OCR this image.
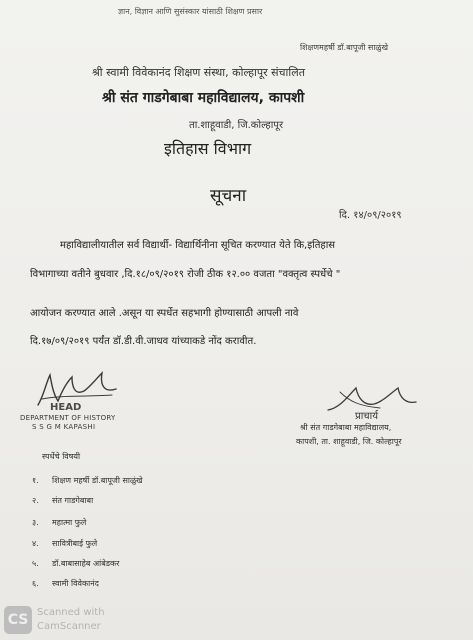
ज्ञान, विज्ञान आणि सुसंस्कार यांसाठी शिक्षण प्रसार
शिक्षणमहर्षी डॉ.बापूजी साळुंखे
श्री स्वामी विवेकानंद शिक्षण संस्था, कोल्हापूर संचालित
श्री संत गाडगेबाबा महाविद्यालय, कापशी
ता.शाहूवाडी, जि.कोल्हापूर
इतिहास विभाग
सूचना
दि. १४/०९/२०१९
महाविद्यालीयातील सर्व विद्यार्थी- विद्यार्थिनीना सूचित करण्यात येते कि,इतिहास
विभागाच्या वतीने बुधवार ,दि.१८/०९/२०१९ रोजी ठीक १२.०० वजता "वक्तृत्व स्पर्धेचे "
आयोजन करण्यात आले .असून या स्पर्धेत सहभागी होण्यासाठी आपली नावे
दि.१७/०९/२०१९ पर्यंत डॉ.डी.वी.जाधव यांच्याकडे नोंद करावीत.
HEAD
DEPARTMENT OF HISTORY
S S G M KAPASHI
प्राचार्य
श्री संत गाडगेबाबा महाविद्यालय,
कापशी, ता. शाहूवाडी, जि. कोल्हापूर
स्पर्धेचे विषयी
१.	शिक्षण महर्षी डॉ.बापूजी साळुंखे
२.	संत गाडगेबाबा
३.	महात्मा फुले
४.	सावित्रीबाई फुले
५.	डॉ.बाबासाहेब आंबेडकर
६.	स्वामी विवेकानंद
CS Scanned with
CamScanner
